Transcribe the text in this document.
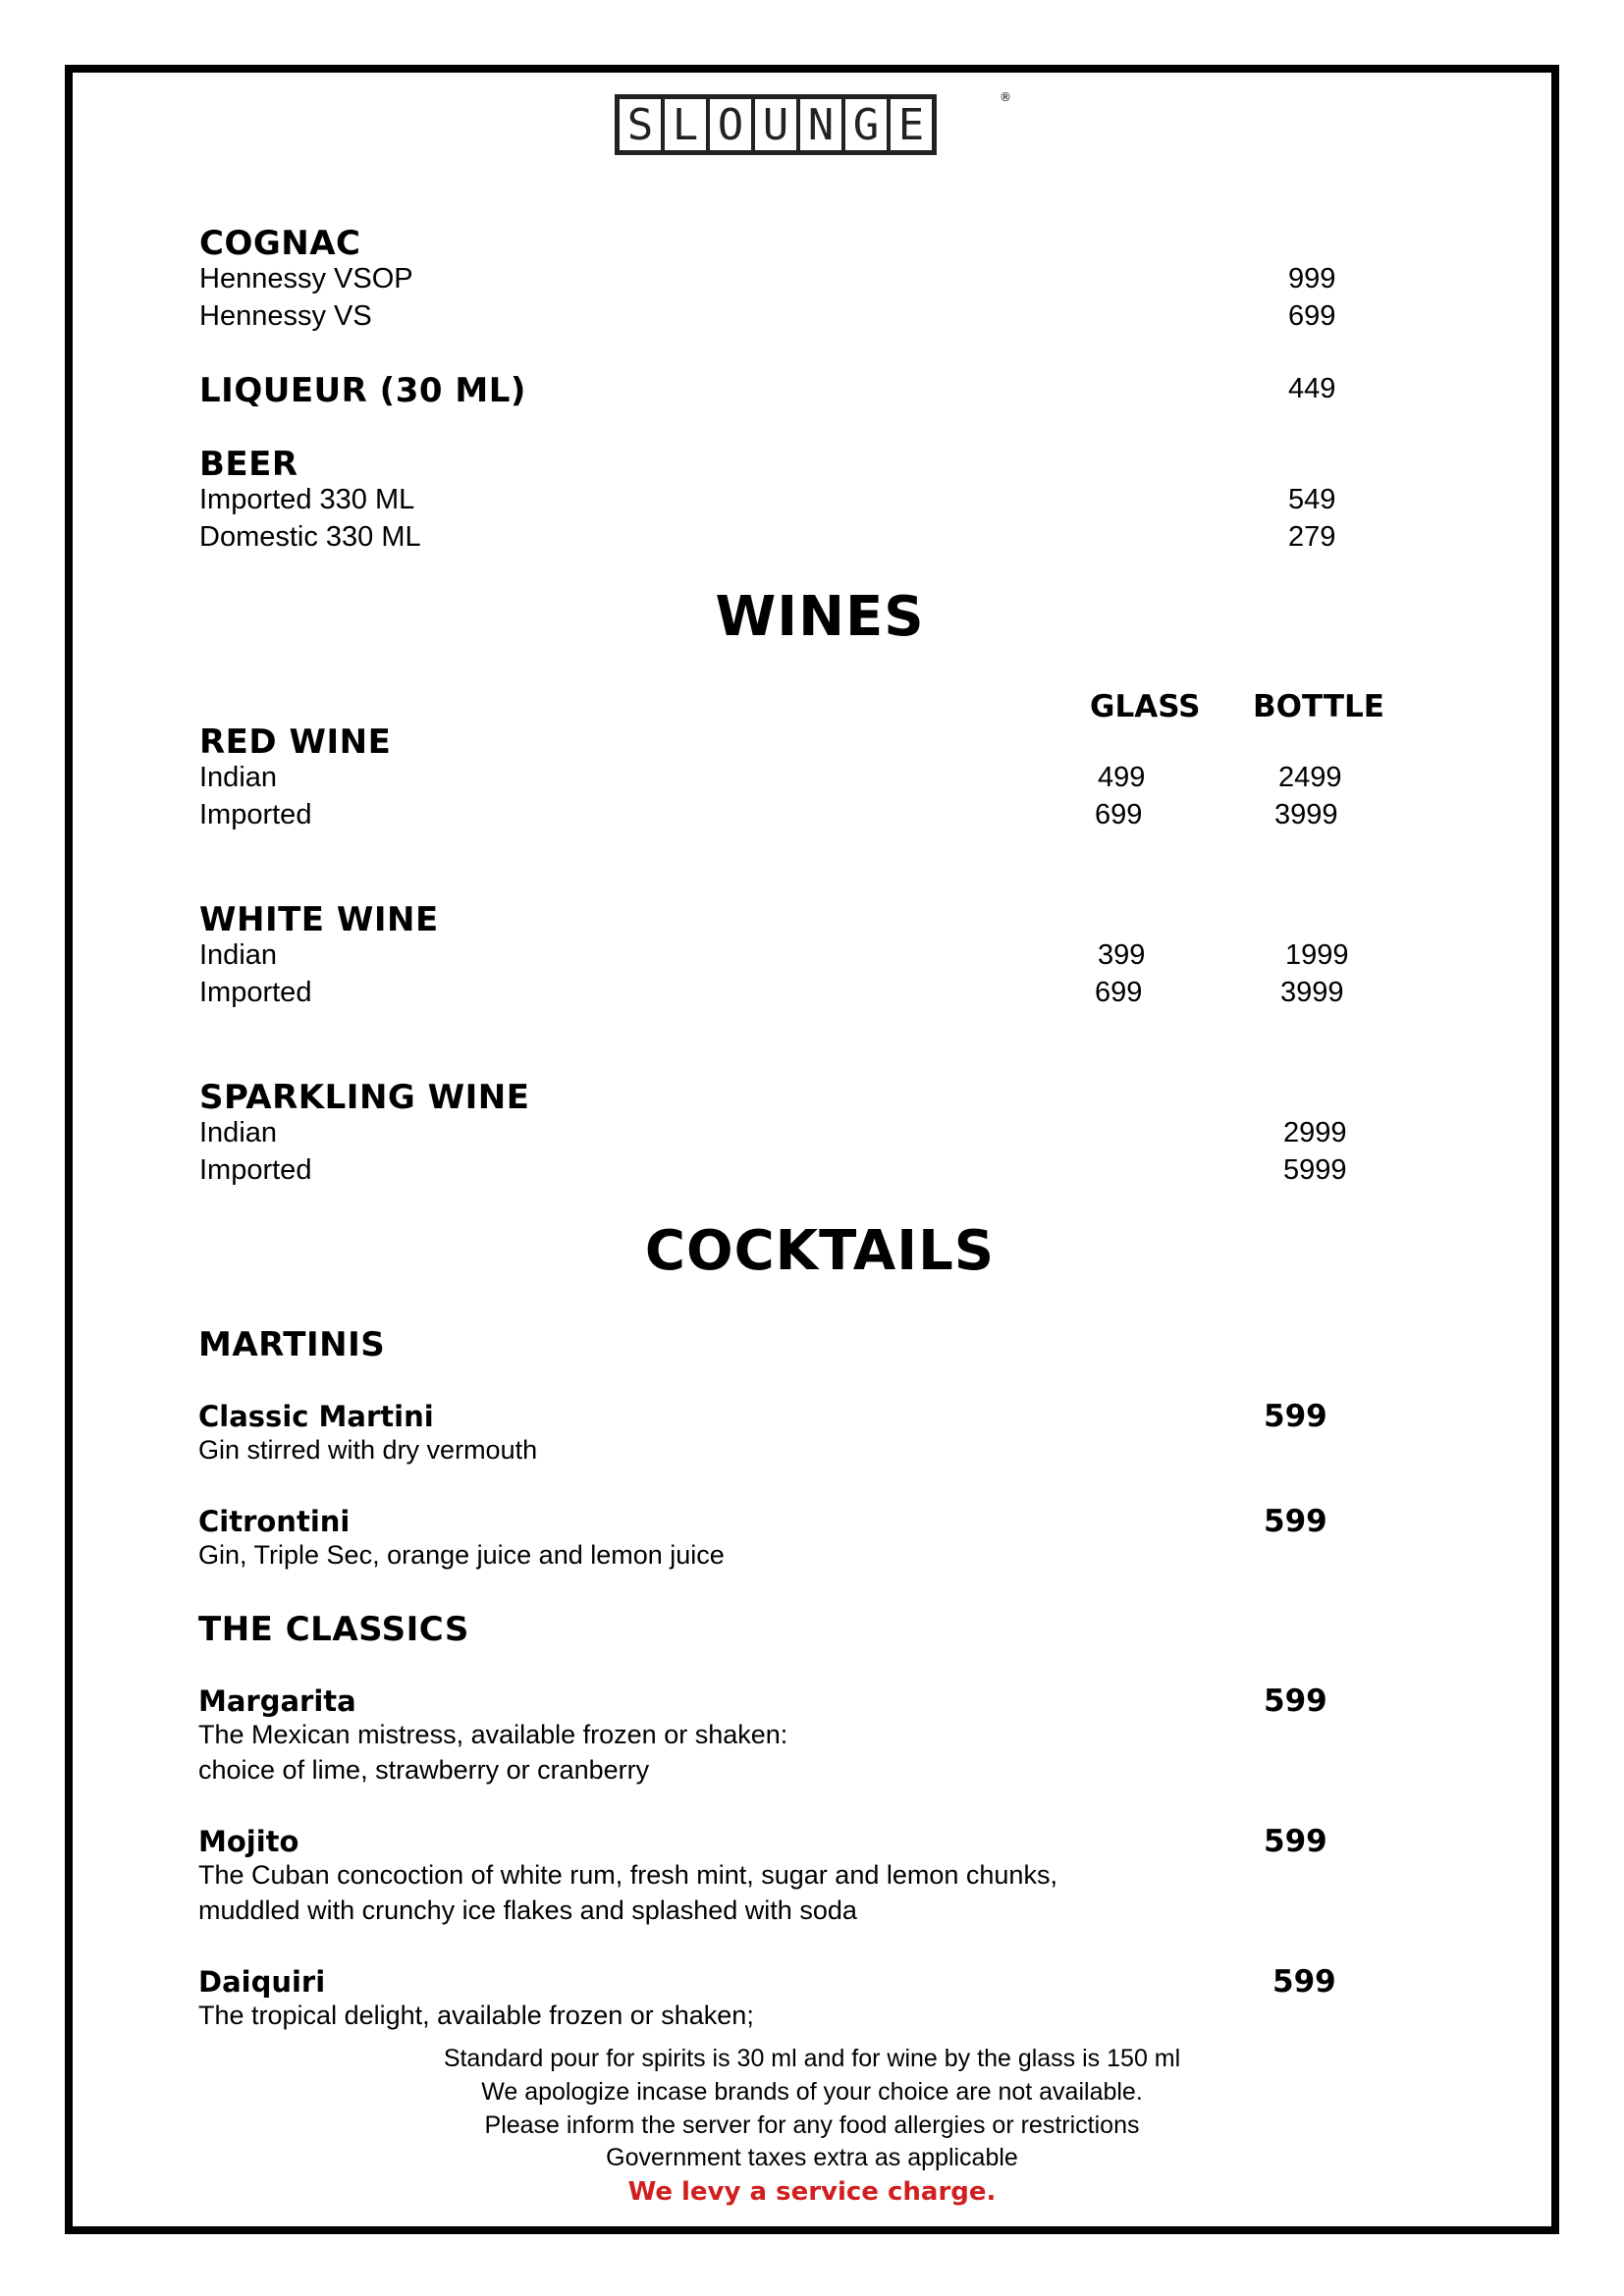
S L O U N G E
®
COGNAC
Hennessy VSOP	999
Hennessy VS	699
LIQUEUR (30 ML)	449
BEER
Imported 330 ML	549
Domestic 330 ML	279
WINES
GLASS BOTTLE
RED WINE
Indian	499	2499
Imported	699	3999
WHITE WINE
Indian	399	1999
Imported	699	3999
SPARKLING WINE
Indian	2999
Imported	5999
COCKTAILS
MARTINIS
Classic Martini	599
Gin stirred with dry vermouth
Citrontini	599
Gin, Triple Sec, orange juice and lemon juice
THE CLASSICS
Margarita	599
The Mexican mistress, available frozen or shaken:
choice of lime, strawberry or cranberry
Mojito	599
The Cuban concoction of white rum, fresh mint, sugar and lemon chunks,
muddled with crunchy ice flakes and splashed with soda
Daiquiri	599
The tropical delight, available frozen or shaken;
Standard pour for spirits is 30 ml and for wine by the glass is 150 ml
We apologize incase brands of your choice are not available.
Please inform the server for any food allergies or restrictions
Government taxes extra as applicable
We levy a service charge.
